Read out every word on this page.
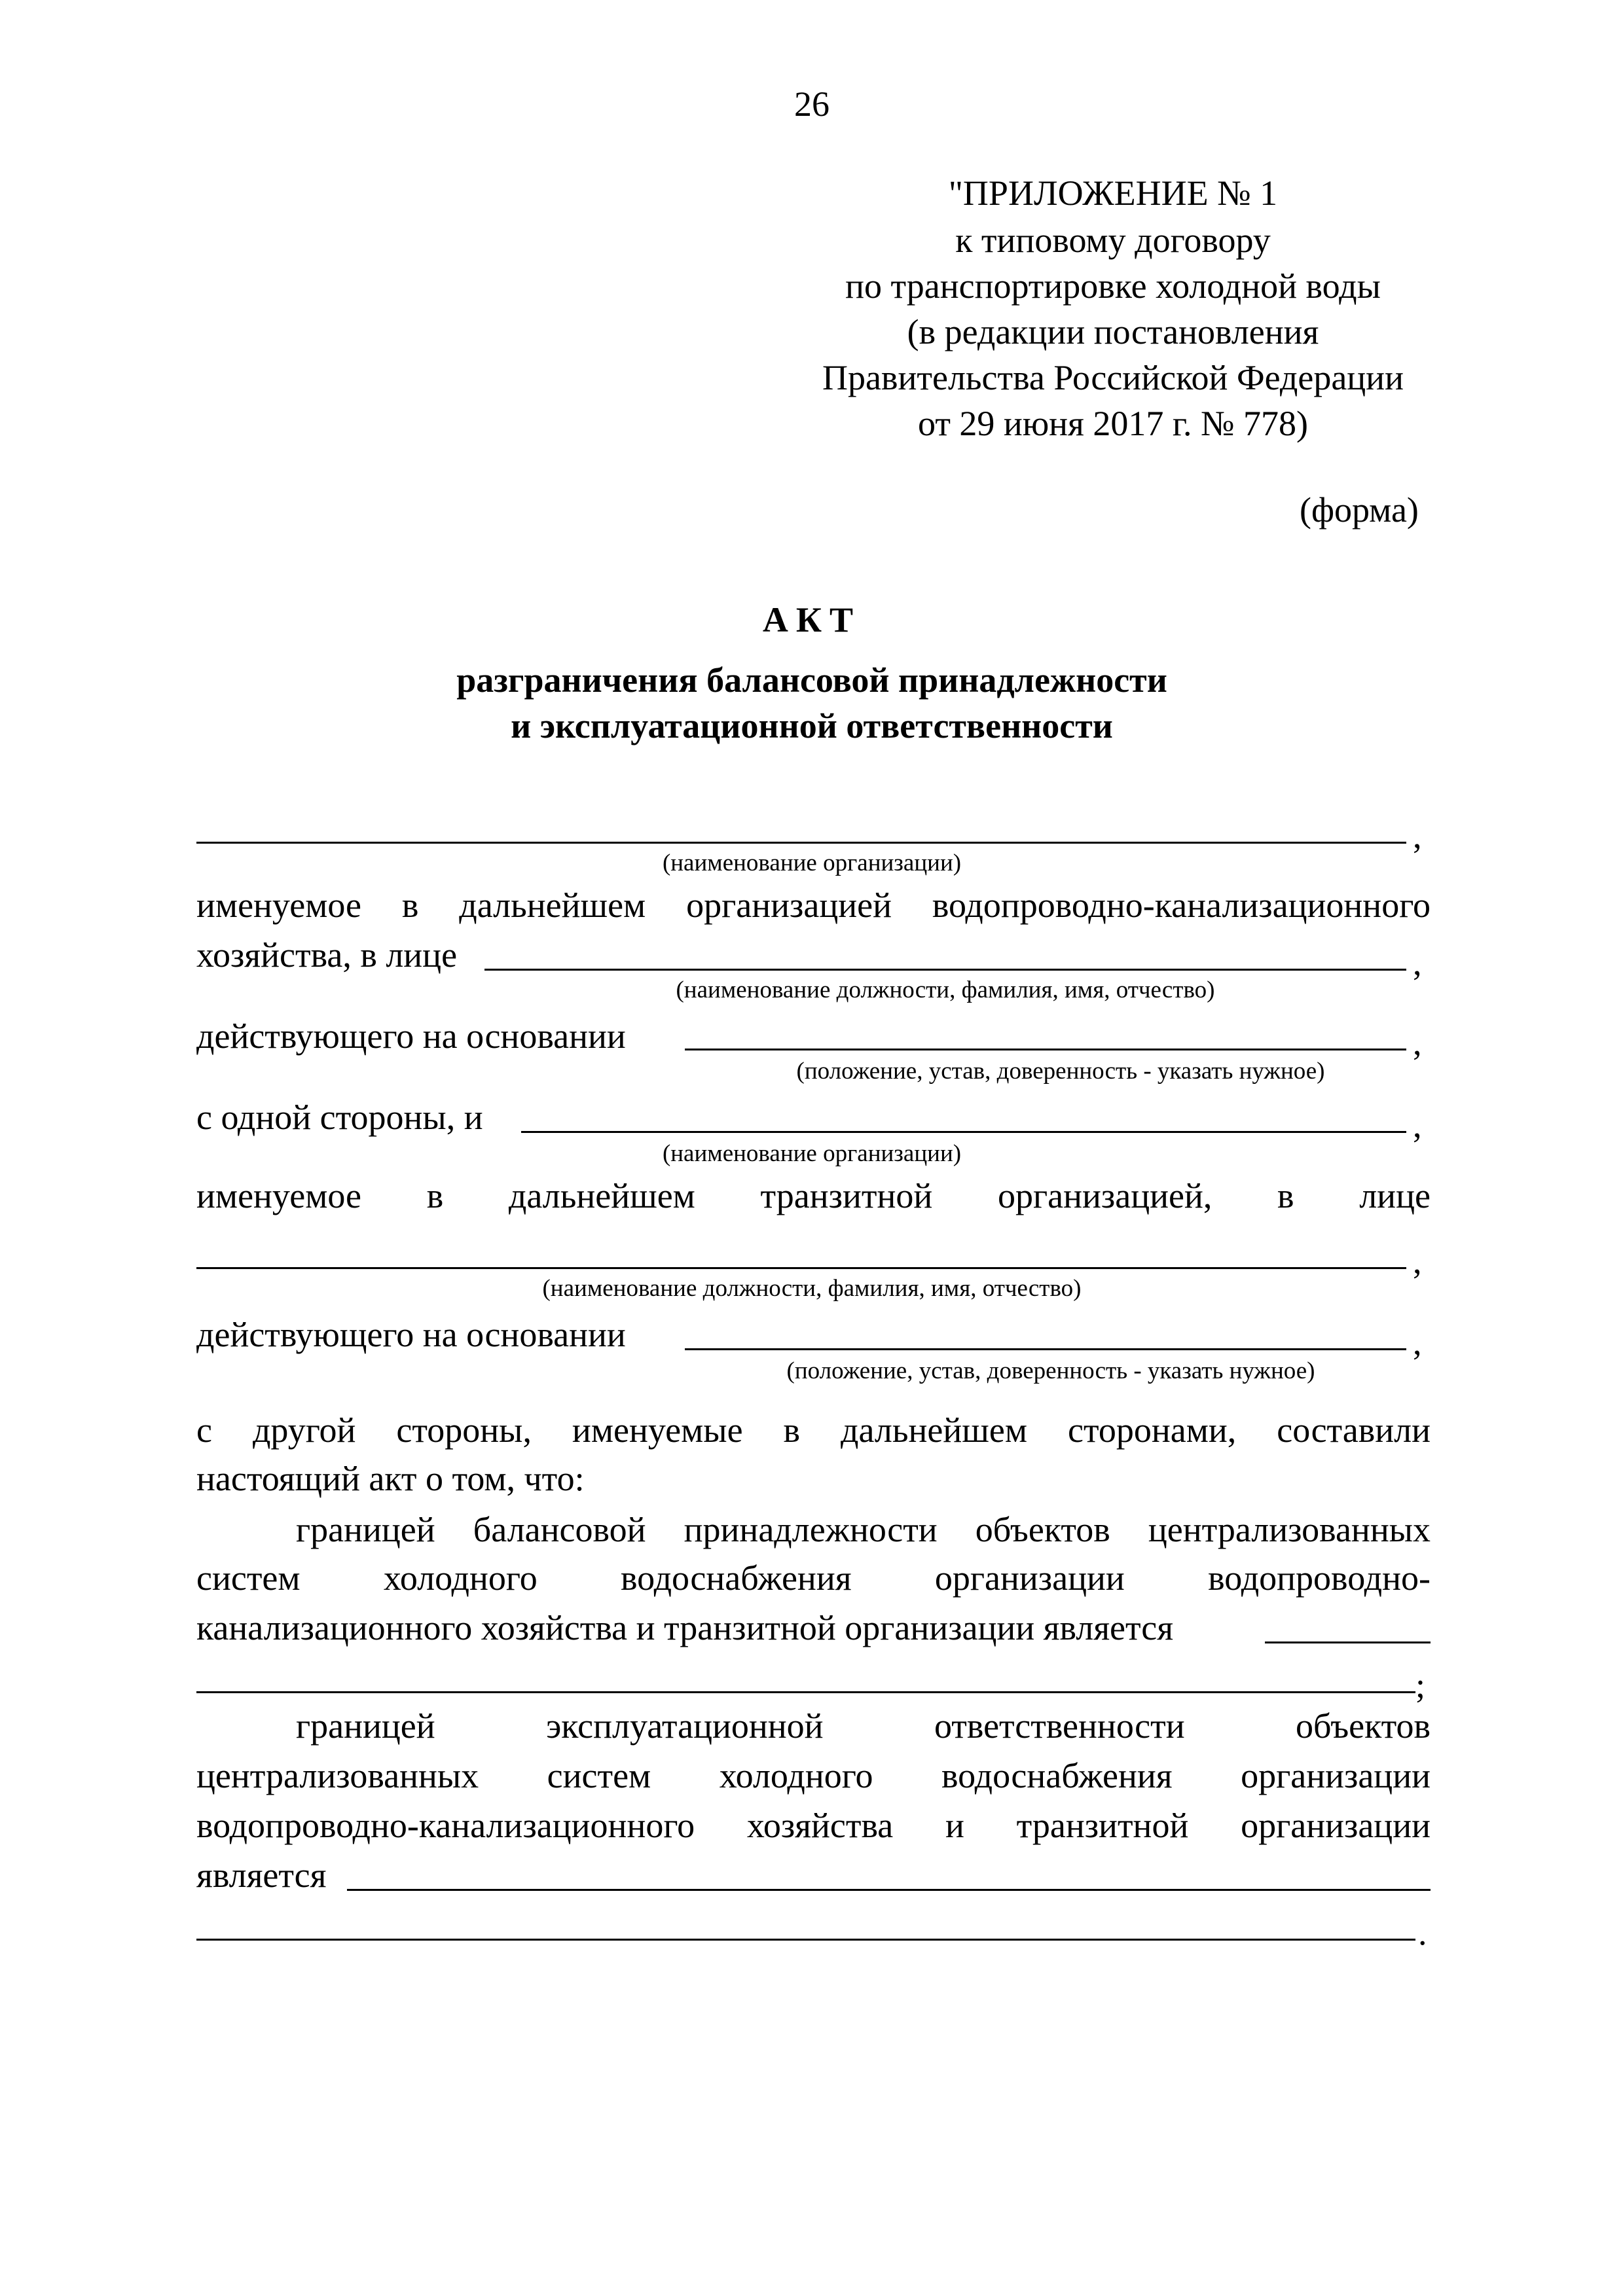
26
"ПРИЛОЖЕНИЕ № 1
к типовому договору
по транспортировке холодной воды
(в редакции постановления
Правительства Российской Федерации
от 29 июня 2017 г. № 778)
(форма)
АКТ
разграничения балансовой принадлежности
и эксплуатационной ответственности
,
(наименование организации)
именуемое в дальнейшем организацией водопроводно-канализационного
хозяйства, в лице	,
(наименование должности, фамилия, имя, отчество)
действующего на основании	,
(положение, устав, доверенность - указать нужное)
с одной стороны, и	,
(наименование организации)
именуемое в дальнейшем транзитной организацией, в лице
,
(наименование должности, фамилия, имя, отчество)
действующего на основании	,
(положение, устав, доверенность - указать нужное)
с другой стороны, именуемые в дальнейшем сторонами, составили
настоящий акт о том, что:
границей балансовой принадлежности объектов централизованных
систем холодного водоснабжения организации водопроводно-
канализационного хозяйства и транзитной организации является
;
границей эксплуатационной ответственности объектов
централизованных систем холодного водоснабжения организации
водопроводно-канализационного хозяйства и транзитной организации
является
.
